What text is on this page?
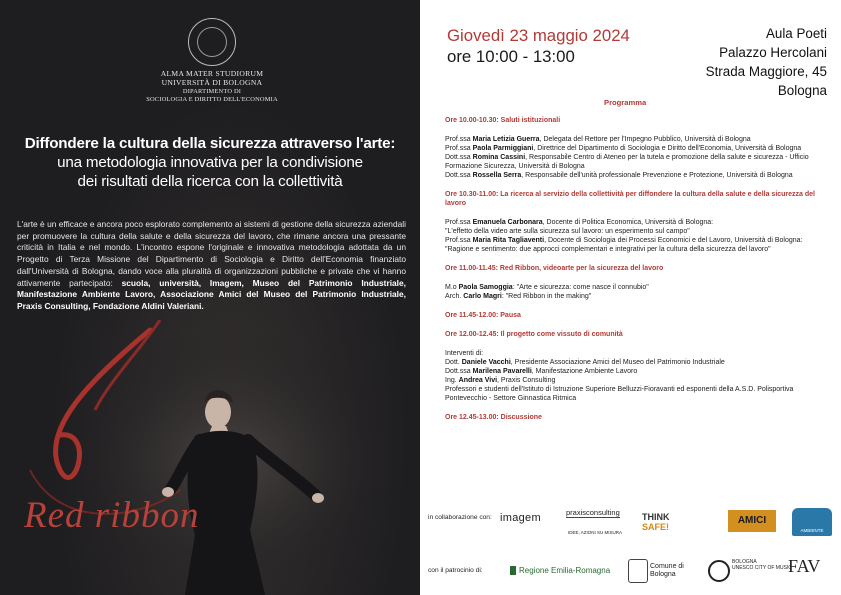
ALMA MATER STUDIORUM
UNIVERSITÀ DI BOLOGNA
DIPARTIMENTO DI
SOCIOLOGIA E DIRITTO DELL'ECONOMIA
Diffondere la cultura della sicurezza attraverso l'arte:
una metodologia innovativa per la condivisione
dei risultati della ricerca con la collettività
L'arte è un efficace e ancora poco esplorato complemento ai sistemi di gestione della sicurezza aziendali per promuovere la cultura della salute e della sicurezza del lavoro, che rimane ancora una pressante criticità in Italia e nel mondo. L'incontro espone l'originale e innovativa metodologia adottata da un Progetto di Terza Missione del Dipartimento di Sociologia e Diritto dell'Economia finanziato dall'Università di Bologna, dando voce alla pluralità di organizzazioni pubbliche e private che vi hanno attivamente partecipato: scuola, università, Imagem, Museo del Patrimonio Industriale, Manifestazione Ambiente Lavoro, Associazione Amici del Museo del Patrimonio Industriale, Praxis Consulting, Fondazione Aldini Valeriani.
Red ribbon
Giovedì 23 maggio 2024
ore 10:00 - 13:00
Aula Poeti
Palazzo Hercolani
Strada Maggiore, 45
Bologna
Programma
Ore 10.00-10.30: Saluti istituzionali
Prof.ssa Maria Letizia Guerra, Delegata del Rettore per l'Impegno Pubblico, Università di Bologna
Prof.ssa Paola Parmiggiani, Direttrice del Dipartimento di Sociologia e Diritto dell'Economia, Università di Bologna
Dott.ssa Romina Cassini, Responsabile Centro di Ateneo per la tutela e promozione della salute e sicurezza - Ufficio Formazione Sicurezza, Università di Bologna
Dott.ssa Rossella Serra, Responsabile dell'unità professionale Prevenzione e Protezione, Università di Bologna
Ore 10.30-11.00: La ricerca al servizio della collettività per diffondere la cultura della salute e della sicurezza del lavoro
Prof.ssa Emanuela Carbonara, Docente di Politica Economica, Università di Bologna:
"L'effetto della video arte sulla sicurezza sul lavoro: un esperimento sul campo"
Prof.ssa Maria Rita Tagliaventi, Docente di Sociologia dei Processi Economici e del Lavoro, Università di Bologna:
"Ragione e sentimento: due approcci complementari e integrativi per la cultura della sicurezza del lavoro"
Ore 11.00-11.45: Red Ribbon, videoarte per la sicurezza del lavoro
M.o Paola Samoggia: "Arte e sicurezza: come nasce il connubio"
Arch. Carlo Magri: "Red Ribbon in the making"
Ore 11.45-12.00: Pausa
Ore 12.00-12.45: Il progetto come vissuto di comunità
Interventi di:
Dott. Daniele Vacchi, Presidente Associazione Amici del Museo del Patrimonio Industriale
Dott.ssa Marilena Pavarelli, Manifestazione Ambiente Lavoro
Ing. Andrea Vivi, Praxis Consulting
Professori e studenti dell'Istituto di Istruzione Superiore Belluzzi-Fioravanti ed esponenti della A.S.D. Polisportiva Pontevecchio - Settore Ginnastica Ritmica
Ore 12.45-13.00: Discussione
in collaborazione con: imagem	praxisconsulting
IDEE, AZIONI SU MISURA
THINK
SAFE!
AMICI
AMBIENTE
con il patrocinio di:	Regione Emilia-Romagna	Comune di Bologna
BOLOGNA
UNESCO CITY OF MUSIC
FAV
